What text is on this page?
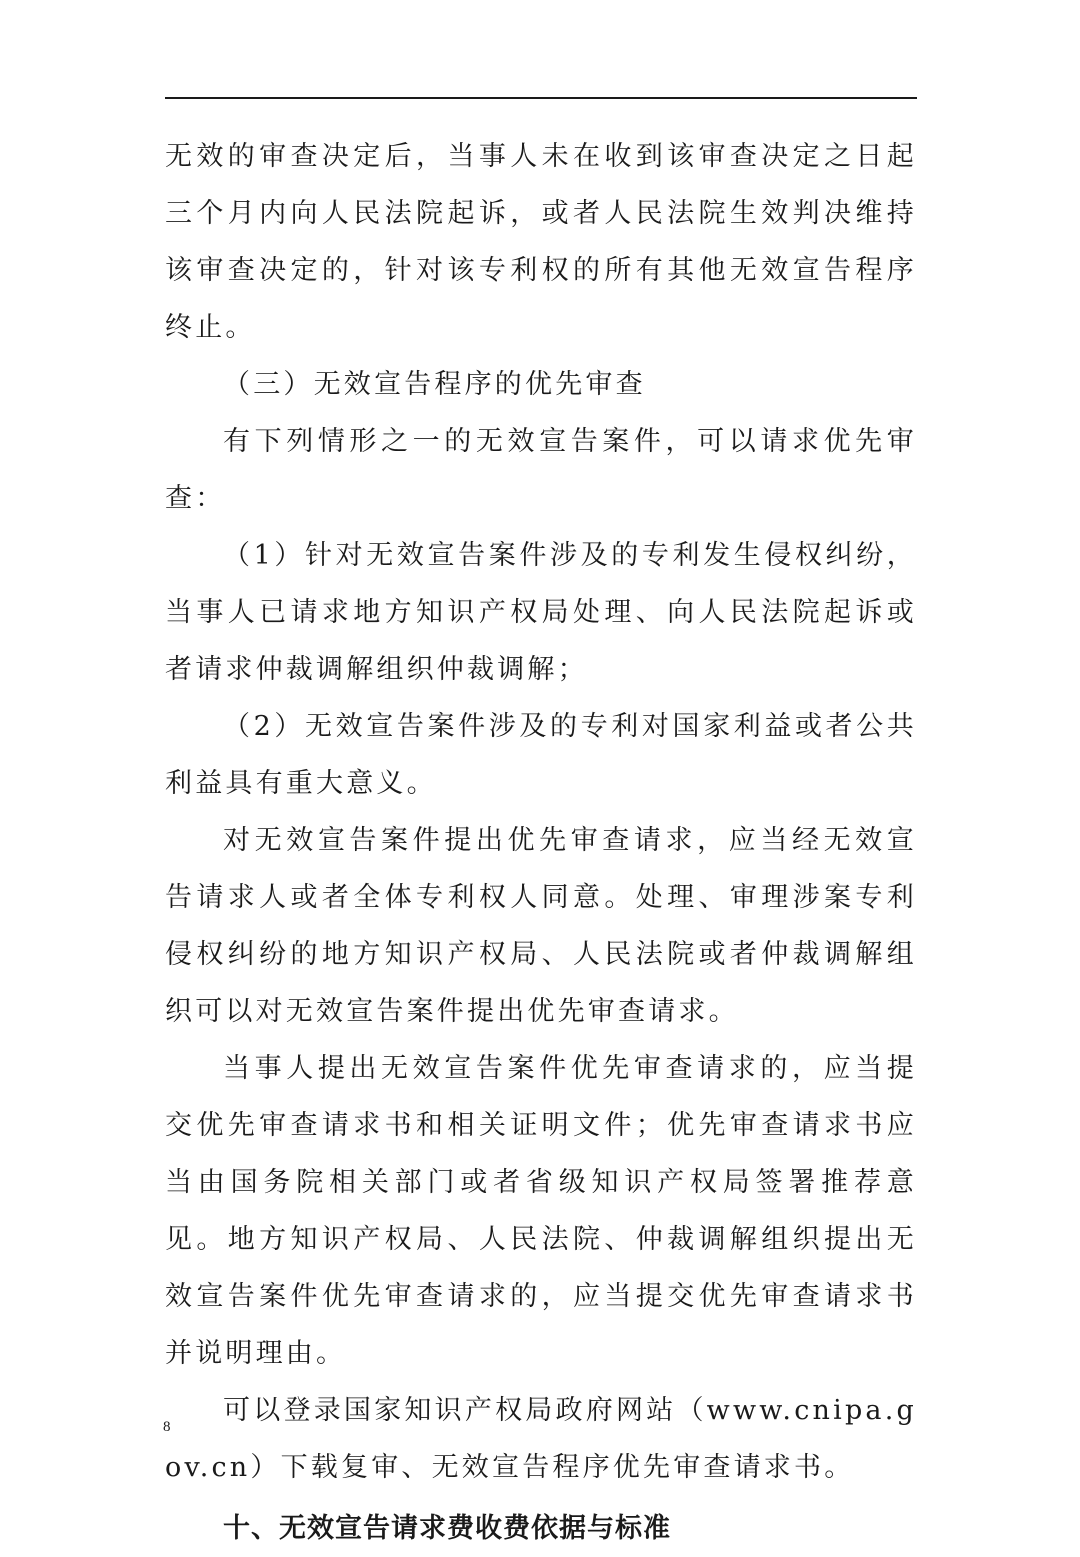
无效的审查决定后，当事人未在收到该审查决定之日起三个月内向人民法院起诉，或者人民法院生效判决维持该审查决定的，针对该专利权的所有其他无效宣告程序终止。

（三）无效宣告程序的优先审查

有下列情形之一的无效宣告案件，可以请求优先审查：

（1）针对无效宣告案件涉及的专利发生侵权纠纷，当事人已请求地方知识产权局处理、向人民法院起诉或者请求仲裁调解组织仲裁调解；

（2）无效宣告案件涉及的专利对国家利益或者公共利益具有重大意义。

对无效宣告案件提出优先审查请求，应当经无效宣告请求人或者全体专利权人同意。处理、审理涉案专利侵权纠纷的地方知识产权局、人民法院或者仲裁调解组织可以对无效宣告案件提出优先审查请求。

当事人提出无效宣告案件优先审查请求的，应当提交优先审查请求书和相关证明文件；优先审查请求书应当由国务院相关部门或者省级知识产权局签署推荐意见。地方知识产权局、人民法院、仲裁调解组织提出无效宣告案件优先审查请求的，应当提交优先审查请求书并说明理由。

可以登录国家知识产权局政府网站（www.cnipa.gov.cn）下载复审、无效宣告程序优先审查请求书。

十、无效宣告请求费收费依据与标准
8
